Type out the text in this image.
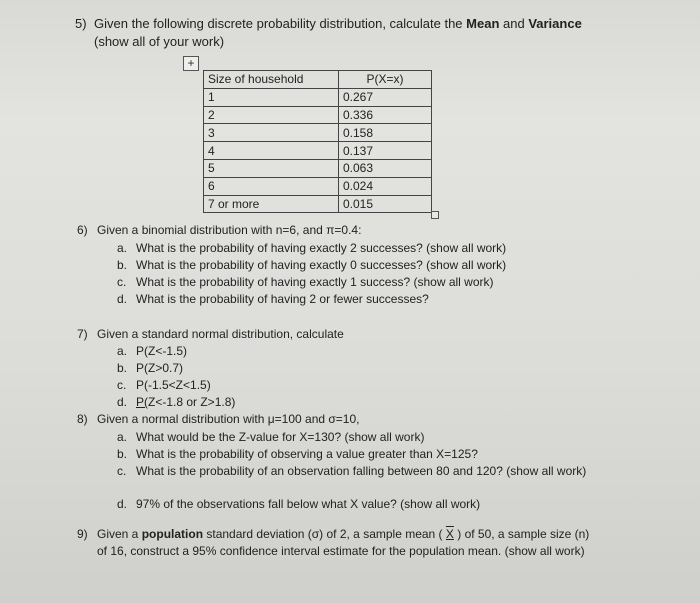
5) Given the following discrete probability distribution, calculate the Mean and Variance
(show all of your work)
+
Size of household	P(X=x)
1	0.267
2	0.336
3	0.158
4	0.137
5	0.063
6	0.024
7 or more	0.015
6) Given a binomial distribution with n=6, and π=0.4:
a. What is the probability of having exactly 2 successes? (show all work)
b. What is the probability of having exactly 0 successes? (show all work)
c. What is the probability of having exactly 1 success? (show all work)
d. What is the probability of having 2 or fewer successes?
7) Given a standard normal distribution, calculate
a. P(Z<-1.5)
b. P(Z>0.7)
c. P(-1.5<Z<1.5)
d. P(Z<-1.8 or Z>1.8)
8) Given a normal distribution with μ=100 and σ=10,
a. What would be the Z-value for X=130? (show all work)
b. What is the probability of observing a value greater than X=125?
c. What is the probability of an observation falling between 80 and 120? (show all work)
d. 97% of the observations fall below what X value? (show all work)
9) Given a population standard deviation (σ) of 2, a sample mean ( X ) of 50, a sample size (n) of 16, construct a 95% confidence interval estimate for the population mean. (show all work)
